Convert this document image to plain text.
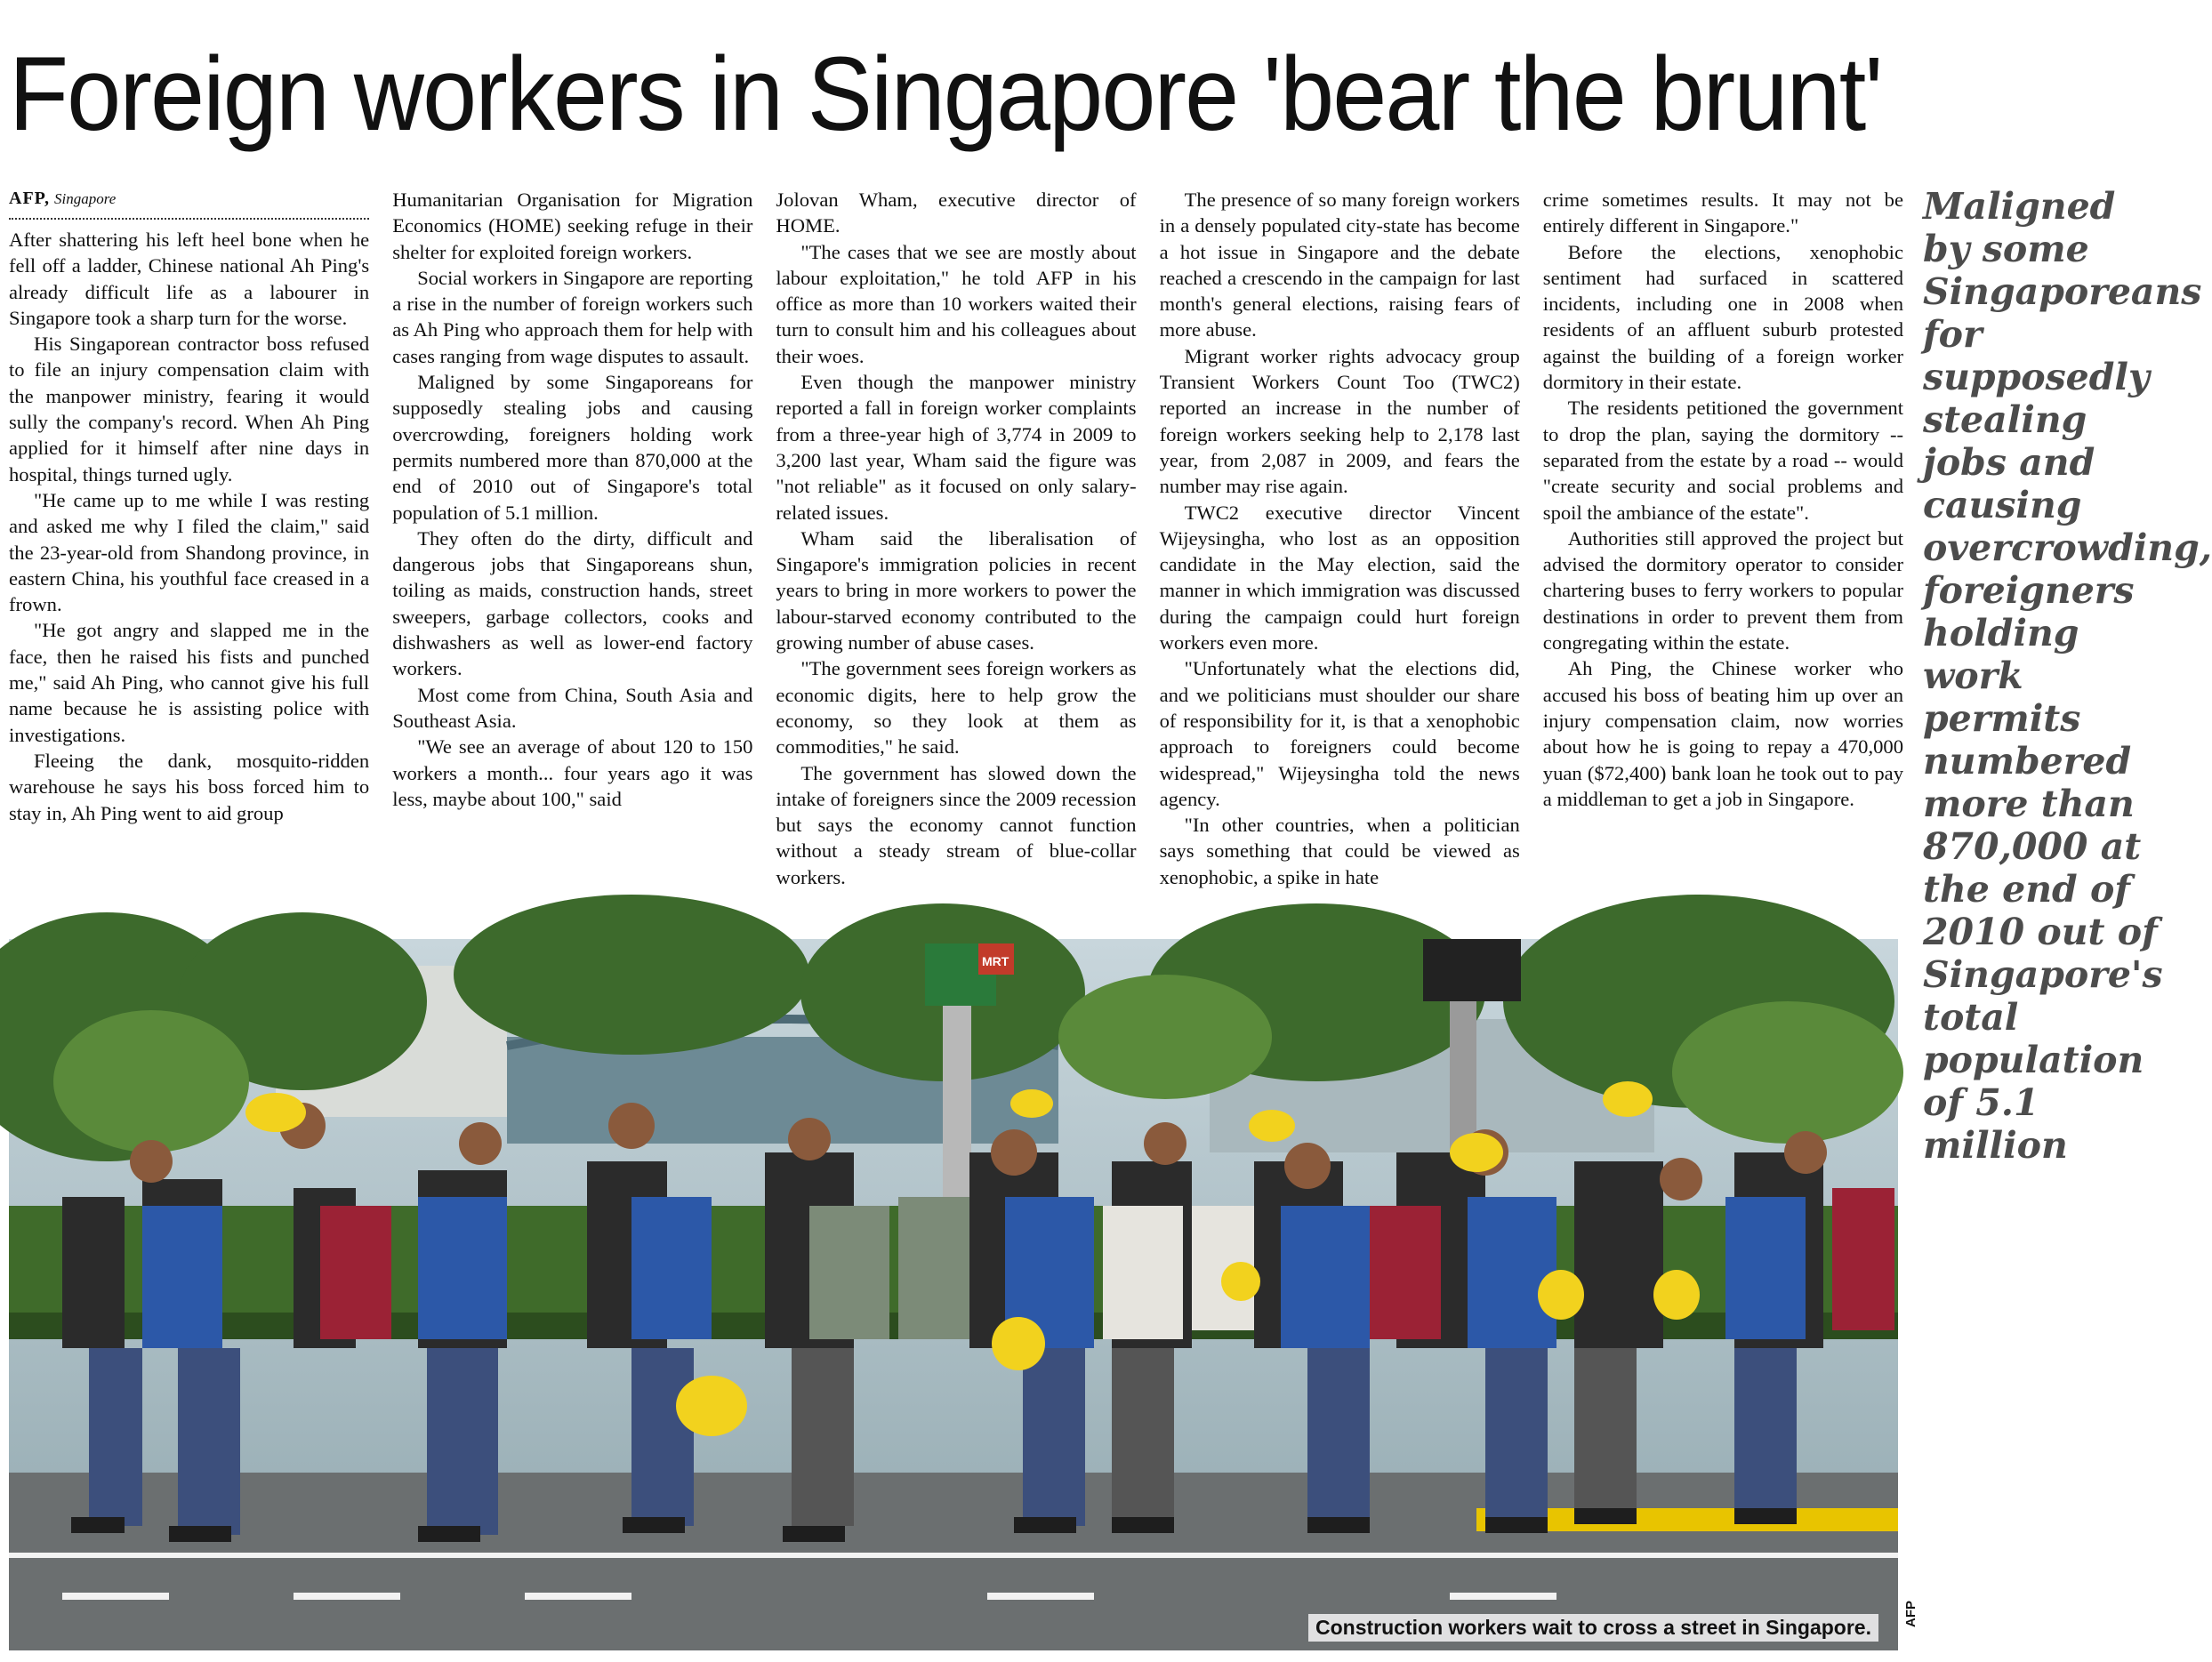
Foreign workers in Singapore 'bear the brunt'
AFP, Singapore

After shattering his left heel bone when he fell off a ladder, Chinese national Ah Ping's already difficult life as a labourer in Singapore took a sharp turn for the worse.

His Singaporean contractor boss refused to file an injury compensation claim with the manpower ministry, fearing it would sully the company's record. When Ah Ping applied for it himself after nine days in hospital, things turned ugly.

"He came up to me while I was resting and asked me why I filed the claim," said the 23-year-old from Shandong province, in eastern China, his youthful face creased in a frown.

"He got angry and slapped me in the face, then he raised his fists and punched me," said Ah Ping, who cannot give his full name because he is assisting police with investigations.

Fleeing the dank, mosquito-ridden warehouse he says his boss forced him to stay in, Ah Ping went to aid group

Humanitarian Organisation for Migration Economics (HOME) seeking refuge in their shelter for exploited foreign workers.

Social workers in Singapore are reporting a rise in the number of foreign workers such as Ah Ping who approach them for help with cases ranging from wage disputes to assault.

Maligned by some Singaporeans for supposedly stealing jobs and causing overcrowding, foreigners holding work permits numbered more than 870,000 at the end of 2010 out of Singapore's total population of 5.1 million.

They often do the dirty, difficult and dangerous jobs that Singaporeans shun, toiling as maids, construction hands, street sweepers, garbage collectors, cooks and dishwashers as well as lower-end factory workers.

Most come from China, South Asia and Southeast Asia.

"We see an average of about 120 to 150 workers a month... four years ago it was less, maybe about 100," said

Jolovan Wham, executive director of HOME.

"The cases that we see are mostly about labour exploitation," he told AFP in his office as more than 10 workers waited their turn to consult him and his colleagues about their woes.

Even though the manpower ministry reported a fall in foreign worker complaints from a three-year high of 3,774 in 2009 to 3,200 last year, Wham said the figure was "not reliable" as it focused on only salary-related issues.

Wham said the liberalisation of Singapore's immigration policies in recent years to bring in more workers to power the labour-starved economy contributed to the growing number of abuse cases.

"The government sees foreign workers as economic digits, here to help grow the economy, so they look at them as commodities," he said.

The government has slowed down the intake of foreigners since the 2009 recession but says the economy cannot function without a steady stream of blue-collar workers.

The presence of so many foreign workers in a densely populated city-state has become a hot issue in Singapore and the debate reached a crescendo in the campaign for last month's general elections, raising fears of more abuse.

Migrant worker rights advocacy group Transient Workers Count Too (TWC2) reported an increase in the number of foreign workers seeking help to 2,178 last year, from 2,087 in 2009, and fears the number may rise again.

TWC2 executive director Vincent Wijeysingha, who lost as an opposition candidate in the May election, said the manner in which immigration was discussed during the campaign could hurt foreign workers even more.

"Unfortunately what the elections did, and we politicians must shoulder our share of responsibility for it, is that a xenophobic approach to foreigners could become widespread," Wijeysingha told the news agency.

"In other countries, when a politician says something that could be viewed as xenophobic, a spike in hate

crime sometimes results. It may not be entirely different in Singapore."

Before the elections, xenophobic sentiment had surfaced in scattered incidents, including one in 2008 when residents of an affluent suburb protested against the building of a foreign worker dormitory in their estate.

The residents petitioned the government to drop the plan, saying the dormitory -- separated from the estate by a road -- would "create security and social problems and spoil the ambiance of the estate".

Authorities still approved the project but advised the dormitory operator to consider chartering buses to ferry workers to popular destinations in order to prevent them from congregating within the estate.

Ah Ping, the Chinese worker who accused his boss of beating him up over an injury compensation claim, now worries about how he is going to repay a 470,000 yuan ($72,400) bank loan he took out to pay a middleman to get a job in Singapore.

Maligned by some Singaporeans for supposedly stealing jobs and causing overcrowding, foreigners holding work permits numbered more than 870,000 at the end of 2010 out of Singapore's total population of 5.1 million
MRT
Construction workers wait to cross a street in Singapore.	AFP
